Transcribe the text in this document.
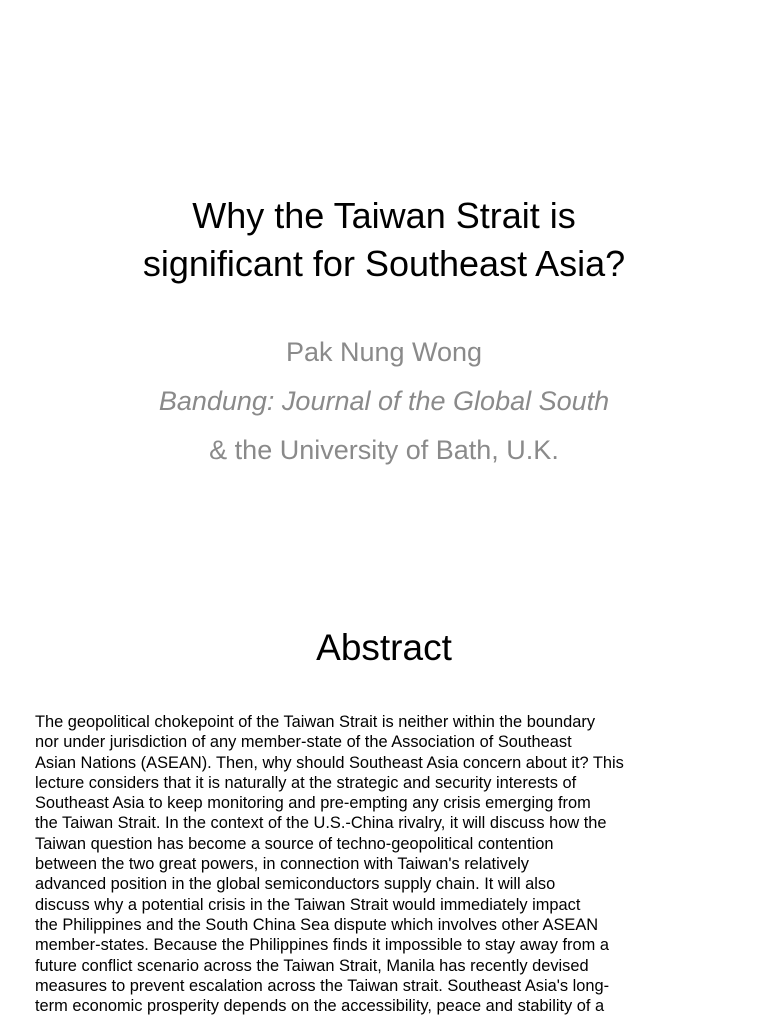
Why the Taiwan Strait is
significant for Southeast Asia?
Pak Nung Wong
Bandung: Journal of the Global South
& the University of Bath, U.K.
Abstract

The geopolitical chokepoint of the Taiwan Strait is neither within the boundary
nor under jurisdiction of any member-state of the Association of Southeast
Asian Nations (ASEAN). Then, why should Southeast Asia concern about it? This
lecture considers that it is naturally at the strategic and security interests of
Southeast Asia to keep monitoring and pre-empting any crisis emerging from
the Taiwan Strait. In the context of the U.S.-China rivalry, it will discuss how the
Taiwan question has become a source of techno-geopolitical contention
between the two great powers, in connection with Taiwan's relatively
advanced position in the global semiconductors supply chain. It will also
discuss why a potential crisis in the Taiwan Strait would immediately impact
the Philippines and the South China Sea dispute which involves other ASEAN
member-states. Because the Philippines finds it impossible to stay away from a
future conflict scenario across the Taiwan Strait, Manila has recently devised
measures to prevent escalation across the Taiwan strait. Southeast Asia's long-
term economic prosperity depends on the accessibility, peace and stability of a
